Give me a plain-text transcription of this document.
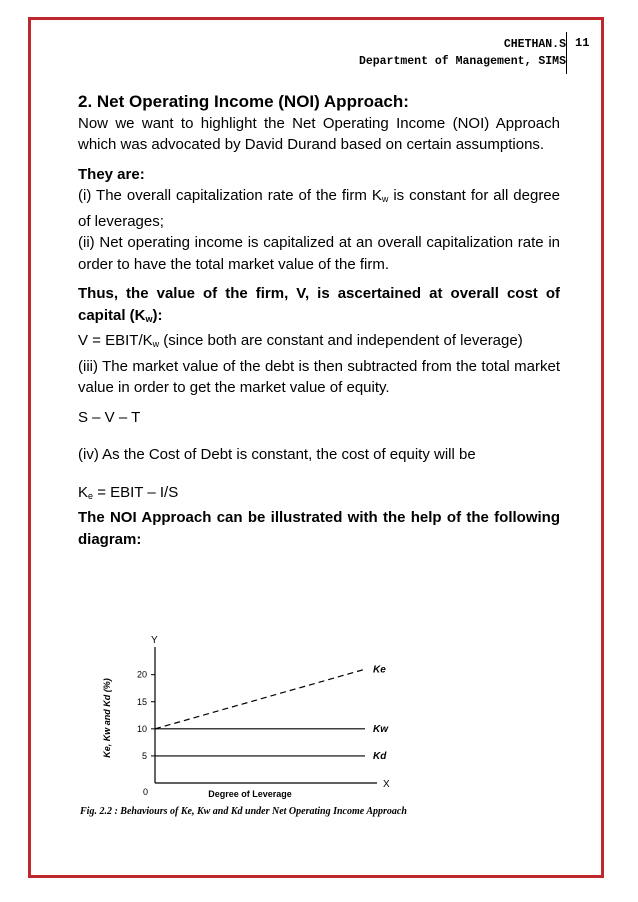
CHETHAN.S
Department of Management, SIMS
11

2. Net Operating Income (NOI) Approach:

Now we want to highlight the Net Operating Income (NOI) Approach which was advocated by David Durand based on certain assumptions.

They are:

(i) The overall capitalization rate of the firm $K_w$ is constant for all degree of leverages;

(ii) Net operating income is capitalized at an overall capitalization rate in order to have the total market value of the firm.

Thus, the value of the firm, V, is ascertained at overall cost of capital $(K_w)$:

V = EBIT/$K_w$ (since both are constant and independent of leverage)

(iii) The market value of the debt is then subtracted from the total market value in order to get the market value of equity.

S – V – T

(iv) As the Cost of Debt is constant, the cost of equity will be

$K_e$ = EBIT – I/S

The NOI Approach can be illustrated with the help of the following diagram:

X
Y
0
5
10
15
20
Degree of Leverage
Ke, Kw and Kd (%)
Ke
Kw
Kd
Fig. 2.2 : Behaviours of Ke, Kw and Kd under Net Operating Income Approach
